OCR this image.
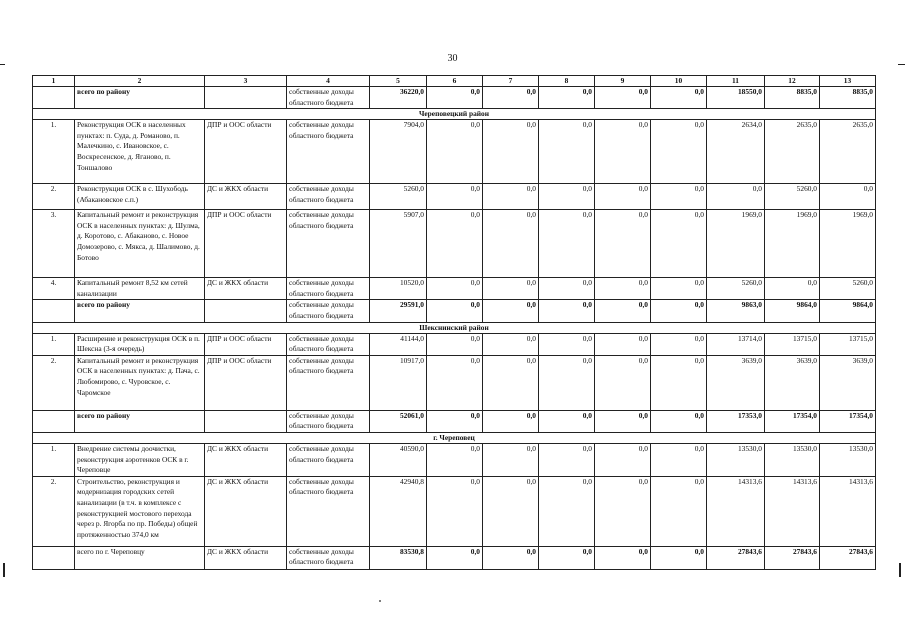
30
1	2	3	4	5	6	7	8	9	10	11	12	13
	всего по району		собственные доходы областного бюджета	36220,0	0,0	0,0	0,0	0,0	0,0	18550,0	8835,0	8835,0
Череповецкий район												
1.	Реконструкция ОСК в населенных пунктах: п. Суда, д. Романово, п. Малечкино, с. Ивановское, с. Воскресенское, д. Яганово, п. Тоншалово	ДПР и ООС области	собственные доходы областного бюджета	7904,0	0,0	0,0	0,0	0,0	0,0	2634,0	2635,0	2635,0
2.	Реконструкция ОСК в с. Шухободь (Абакановское с.п.)	ДС и ЖКХ области	собственные доходы областного бюджета	5260,0	0,0	0,0	0,0	0,0	0,0	0,0	5260,0	0,0
3.	Капитальный ремонт и реконструкция ОСК в населенных пунктах: д. Шулма, д. Коротово, с. Абаканово, с. Новое Домозерово, с. Мякса, д. Шалимово, д. Ботово	ДПР и ООС области	собственные доходы областного бюджета	5907,0	0,0	0,0	0,0	0,0	0,0	1969,0	1969,0	1969,0
4.	Капитальный ремонт 8,52 км сетей канализации	ДС и ЖКХ области	собственные доходы областного бюджета	10520,0	0,0	0,0	0,0	0,0	0,0	5260,0	0,0	5260,0
	всего по району		собственные доходы областного бюджета	29591,0	0,0	0,0	0,0	0,0	0,0	9863,0	9864,0	9864,0
Шекснинский район												
1.	Расширение и реконструкция ОСК в п. Шексна (3-я очередь)	ДПР и ООС области	собственные доходы областного бюджета	41144,0	0,0	0,0	0,0	0,0	0,0	13714,0	13715,0	13715,0
2.	Капитальный ремонт и реконструкция ОСК в населенных пунктах: д. Пача, с. Любомирово, с. Чуровское, с. Чаромское	ДПР и ООС области	собственные доходы областного бюджета	10917,0	0,0	0,0	0,0	0,0	0,0	3639,0	3639,0	3639,0
	всего по району		собственные доходы областного бюджета	52061,0	0,0	0,0	0,0	0,0	0,0	17353,0	17354,0	17354,0
г. Череповец												
1.	Внедрение системы доочистки, реконструкция аэротенков ОСК в г. Череповце	ДС и ЖКХ области	собственные доходы областного бюджета	40590,0	0,0	0,0	0,0	0,0	0,0	13530,0	13530,0	13530,0
2.	Строительство, реконструкция и модернизация городских сетей канализации (в т.ч. в комплексе с реконструкцией мостового перехода через р. Ягорба по пр. Победы) общей протяженностью 374,0 км	ДС и ЖКХ области	собственные доходы областного бюджета	42940,8	0,0	0,0	0,0	0,0	0,0	14313,6	14313,6	14313,6
	всего по г. Череповцу	ДС и ЖКХ области	собственные доходы областного бюджета	83530,8	0,0	0,0	0,0	0,0	0,0	27843,6	27843,6	27843,6
